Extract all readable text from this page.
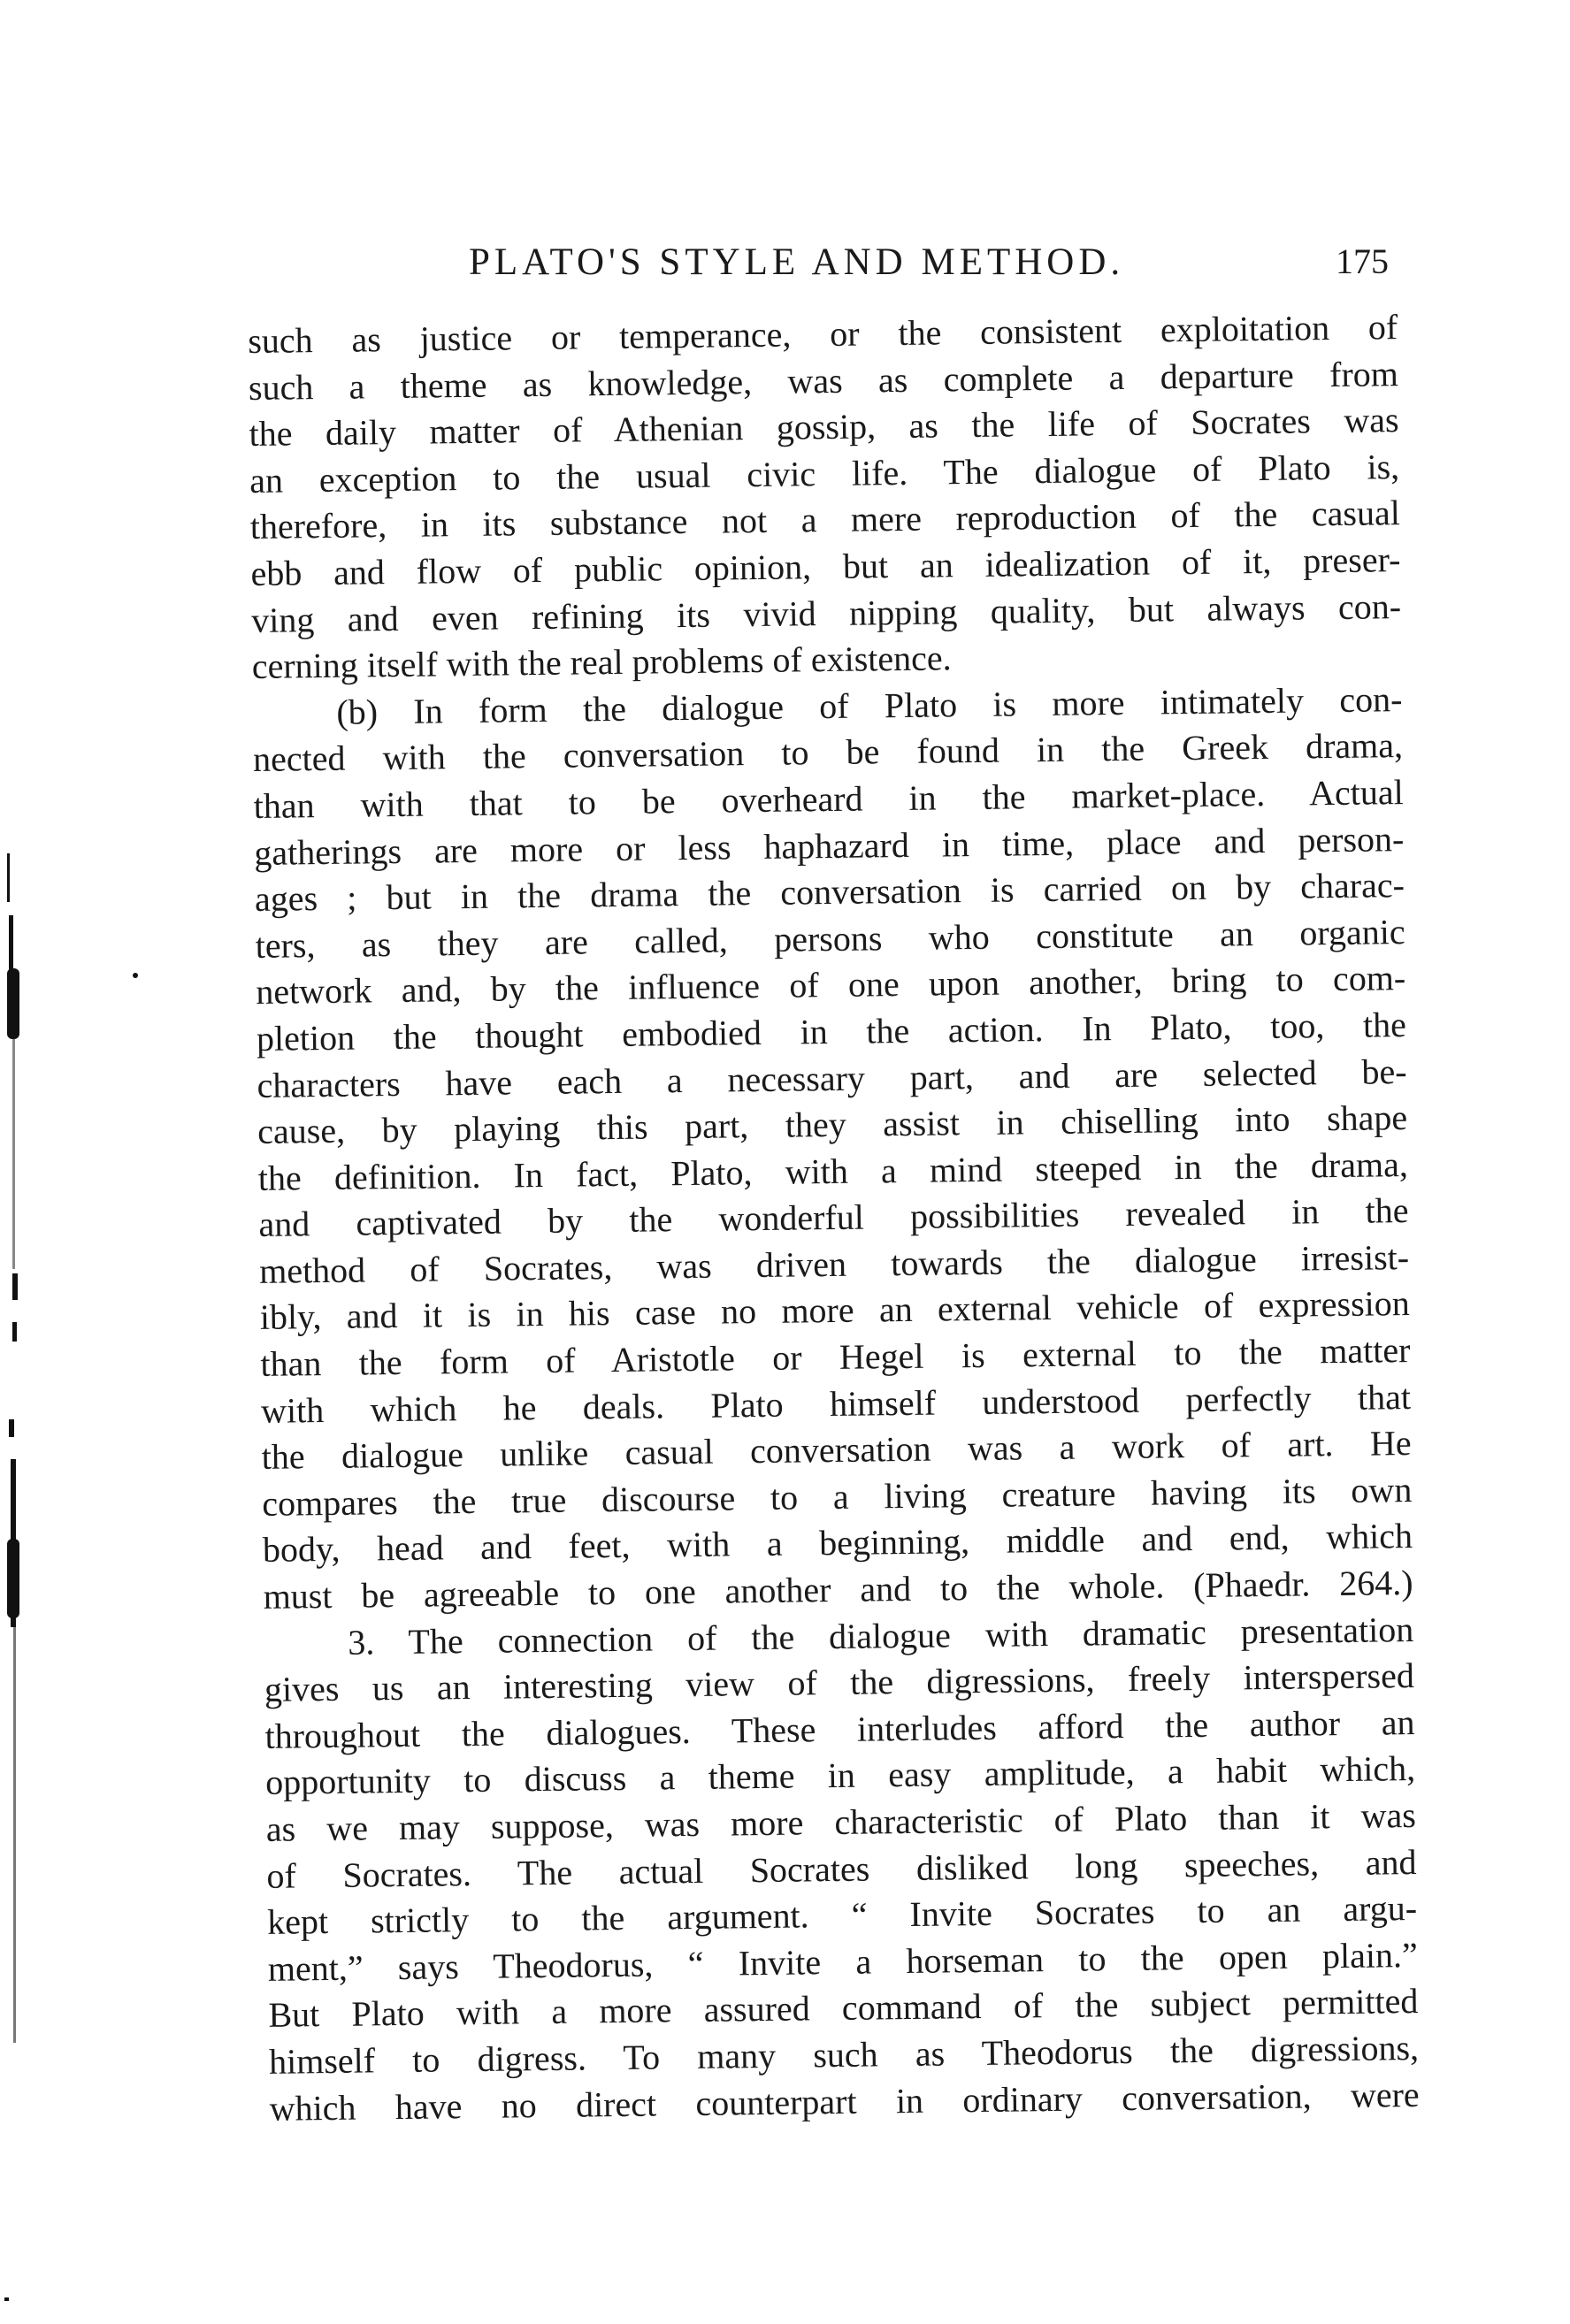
PLATO'S STYLE AND METHOD.	175
such as justice or temperance, or the consistent exploitation of
such a theme as knowledge, was as complete a departure from
the daily matter of Athenian gossip, as the life of Socrates was
an exception to the usual civic life. The dialogue of Plato is,
therefore, in its substance not a mere reproduction of the casual
ebb and flow of public opinion, but an idealization of it, preser-
ving and even refining its vivid nipping quality, but always con-
cerning itself with the real problems of existence.
(b) In form the dialogue of Plato is more intimately con-
nected with the conversation to be found in the Greek drama,
than with that to be overheard in the market-place. Actual
gatherings are more or less haphazard in time, place and person-
ages ; but in the drama the conversation is carried on by charac-
ters, as they are called, persons who constitute an organic
network and, by the influence of one upon another, bring to com-
pletion the thought embodied in the action. In Plato, too, the
characters have each a necessary part, and are selected be-
cause, by playing this part, they assist in chiselling into shape
the definition. In fact, Plato, with a mind steeped in the drama,
and captivated by the wonderful possibilities revealed in the
method of Socrates, was driven towards the dialogue irresist-
ibly, and it is in his case no more an external vehicle of expression
than the form of Aristotle or Hegel is external to the matter
with which he deals. Plato himself understood perfectly that
the dialogue unlike casual conversation was a work of art. He
compares the true discourse to a living creature having its own
body, head and feet, with a beginning, middle and end, which
must be agreeable to one another and to the whole. (Phaedr. 264.)
3. The connection of the dialogue with dramatic presentation
gives us an interesting view of the digressions, freely interspersed
throughout the dialogues. These interludes afford the author an
opportunity to discuss a theme in easy amplitude, a habit which,
as we may suppose, was more characteristic of Plato than it was
of Socrates. The actual Socrates disliked long speeches, and
kept strictly to the argument. “ Invite Socrates to an argu-
ment,” says Theodorus, “ Invite a horseman to the open plain.”
But Plato with a more assured command of the subject permitted
himself to digress. To many such as Theodorus the digressions,
which have no direct counterpart in ordinary conversation, were
